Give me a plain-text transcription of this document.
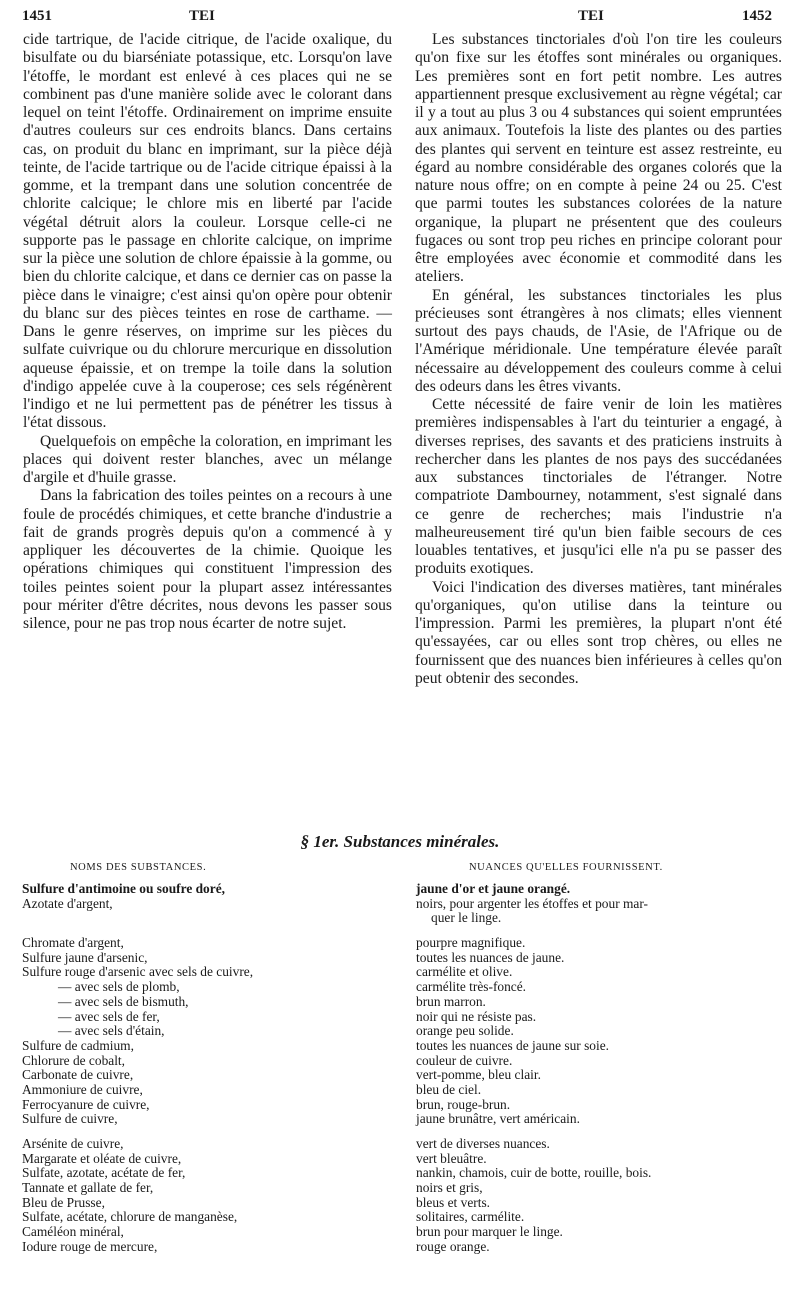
1451	TEI	TEI	1452

cide tartrique, de l'acide citrique, de l'acide oxalique, du bisulfate ou du biarséniate potassique, etc. Lorsqu'on lave l'étoffe, le mordant est enlevé à ces places qui ne se combinent pas d'une manière solide avec le colorant dans lequel on teint l'étoffe. Ordinairement on imprime ensuite d'autres couleurs sur ces endroits blancs. Dans certains cas, on produit du blanc en imprimant, sur la pièce déjà teinte, de l'acide tartrique ou de l'acide citrique épaissi à la gomme, et la trempant dans une solution concentrée de chlorite calcique; le chlore mis en liberté par l'acide végétal détruit alors la couleur. Lorsque celle-ci ne supporte pas le passage en chlorite calcique, on imprime sur la pièce une solution de chlore épaissie à la gomme, ou bien du chlorite calcique, et dans ce dernier cas on passe la pièce dans le vinaigre; c'est ainsi qu'on opère pour obtenir du blanc sur des pièces teintes en rose de carthame. — Dans le genre réserves, on imprime sur les pièces du sulfate cuivrique ou du chlorure mercurique en dissolution aqueuse épaissie, et on trempe la toile dans la solution d'indigo appelée cuve à la couperose; ces sels régénèrent l'indigo et ne lui permettent pas de pénétrer les tissus à l'état dissous.

Quelquefois on empêche la coloration, en imprimant les places qui doivent rester blanches, avec un mélange d'argile et d'huile grasse.

Dans la fabrication des toiles peintes on a recours à une foule de procédés chimiques, et cette branche d'industrie a fait de grands progrès depuis qu'on a commencé à y appliquer les découvertes de la chimie. Quoique les opérations chimiques qui constituent l'impression des toiles peintes soient pour la plupart assez intéressantes pour mériter d'être décrites, nous devons les passer sous silence, pour ne pas trop nous écarter de notre sujet.

Les substances tinctoriales d'où l'on tire les couleurs qu'on fixe sur les étoffes sont minérales ou organiques. Les premières sont en fort petit nombre. Les autres appartiennent presque exclusivement au règne végétal; car il y a tout au plus 3 ou 4 substances qui soient empruntées aux animaux. Toutefois la liste des plantes ou des parties des plantes qui servent en teinture est assez restreinte, eu égard au nombre considérable des organes colorés que la nature nous offre; on en compte à peine 24 ou 25. C'est que parmi toutes les substances colorées de la nature organique, la plupart ne présentent que des couleurs fugaces ou sont trop peu riches en principe colorant pour être employées avec économie et commodité dans les ateliers.

En général, les substances tinctoriales les plus précieuses sont étrangères à nos climats; elles viennent surtout des pays chauds, de l'Asie, de l'Afrique ou de l'Amérique méridionale. Une température élevée paraît nécessaire au développement des couleurs comme à celui des odeurs dans les êtres vivants.

Cette nécessité de faire venir de loin les matières premières indispensables à l'art du teinturier a engagé, à diverses reprises, des savants et des praticiens instruits à rechercher dans les plantes de nos pays des succédanées aux substances tinctoriales de l'étranger. Notre compatriote Dambourney, notamment, s'est signalé dans ce genre de recherches; mais l'industrie n'a malheureusement tiré qu'un bien faible secours de ces louables tentatives, et jusqu'ici elle n'a pu se passer des produits exotiques.

Voici l'indication des diverses matières, tant minérales qu'organiques, qu'on utilise dans la teinture ou l'impression. Parmi les premières, la plupart n'ont été qu'essayées, car ou elles sont trop chères, ou elles ne fournissent que des nuances bien inférieures à celles qu'on peut obtenir des secondes.

§ 1er. Substances minérales.
NOMS DES SUBSTANCES.	NUANCES QU'ELLES FOURNISSENT.
Sulfure d'antimoine ou soufre doré,	jaune d'or et jaune orangé.
Azotate d'argent,	noirs, pour argenter les étoffes et pour mar-
quer le linge.
Chromate d'argent,	pourpre magnifique.
Sulfure jaune d'arsenic,	toutes les nuances de jaune.
Sulfure rouge d'arsenic avec sels de cuivre,	carmélite et olive.
— avec sels de plomb,	carmélite très-foncé.
— avec sels de bismuth,	brun marron.
— avec sels de fer,	noir qui ne résiste pas.
— avec sels d'étain,	orange peu solide.
Sulfure de cadmium,	toutes les nuances de jaune sur soie.
Chlorure de cobalt,	couleur de cuivre.
Carbonate de cuivre,	vert-pomme, bleu clair.
Ammoniure de cuivre,	bleu de ciel.
Ferrocyanure de cuivre,	brun, rouge-brun.
Sulfure de cuivre,	jaune brunâtre, vert américain.
Arsénite de cuivre,	vert de diverses nuances.
Margarate et oléate de cuivre,	vert bleuâtre.
Sulfate, azotate, acétate de fer,	nankin, chamois, cuir de botte, rouille, bois.
Tannate et gallate de fer,	noirs et gris,
Bleu de Prusse,	bleus et verts.
Sulfate, acétate, chlorure de manganèse,	solitaires, carmélite.
Caméléon minéral,	brun pour marquer le linge.
Iodure rouge de mercure,	rouge orange.
